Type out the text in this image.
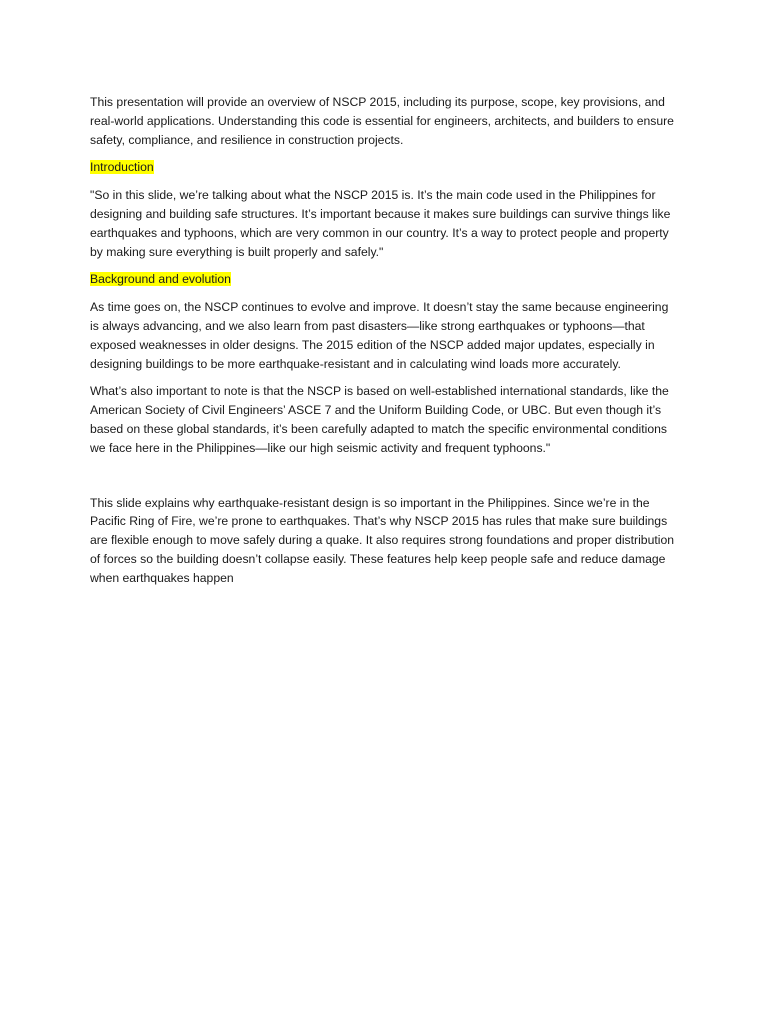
This presentation will provide an overview of NSCP 2015, including its purpose, scope, key provisions, and real-world applications. Understanding this code is essential for engineers, architects, and builders to ensure safety, compliance, and resilience in construction projects.

Introduction

"So in this slide, we’re talking about what the NSCP 2015 is. It’s the main code used in the Philippines for designing and building safe structures. It’s important because it makes sure buildings can survive things like earthquakes and typhoons, which are very common in our country. It’s a way to protect people and property by making sure everything is built properly and safely."

Background and evolution

As time goes on, the NSCP continues to evolve and improve. It doesn’t stay the same because engineering is always advancing, and we also learn from past disasters—like strong earthquakes or typhoons—that exposed weaknesses in older designs. The 2015 edition of the NSCP added major updates, especially in designing buildings to be more earthquake-resistant and in calculating wind loads more accurately.

What’s also important to note is that the NSCP is based on well-established international standards, like the American Society of Civil Engineers’ ASCE 7 and the Uniform Building Code, or UBC. But even though it’s based on these global standards, it’s been carefully adapted to match the specific environmental conditions we face here in the Philippines—like our high seismic activity and frequent typhoons."

This slide explains why earthquake-resistant design is so important in the Philippines. Since we’re in the Pacific Ring of Fire, we’re prone to earthquakes. That’s why NSCP 2015 has rules that make sure buildings are flexible enough to move safely during a quake. It also requires strong foundations and proper distribution of forces so the building doesn’t collapse easily. These features help keep people safe and reduce damage when earthquakes happen
